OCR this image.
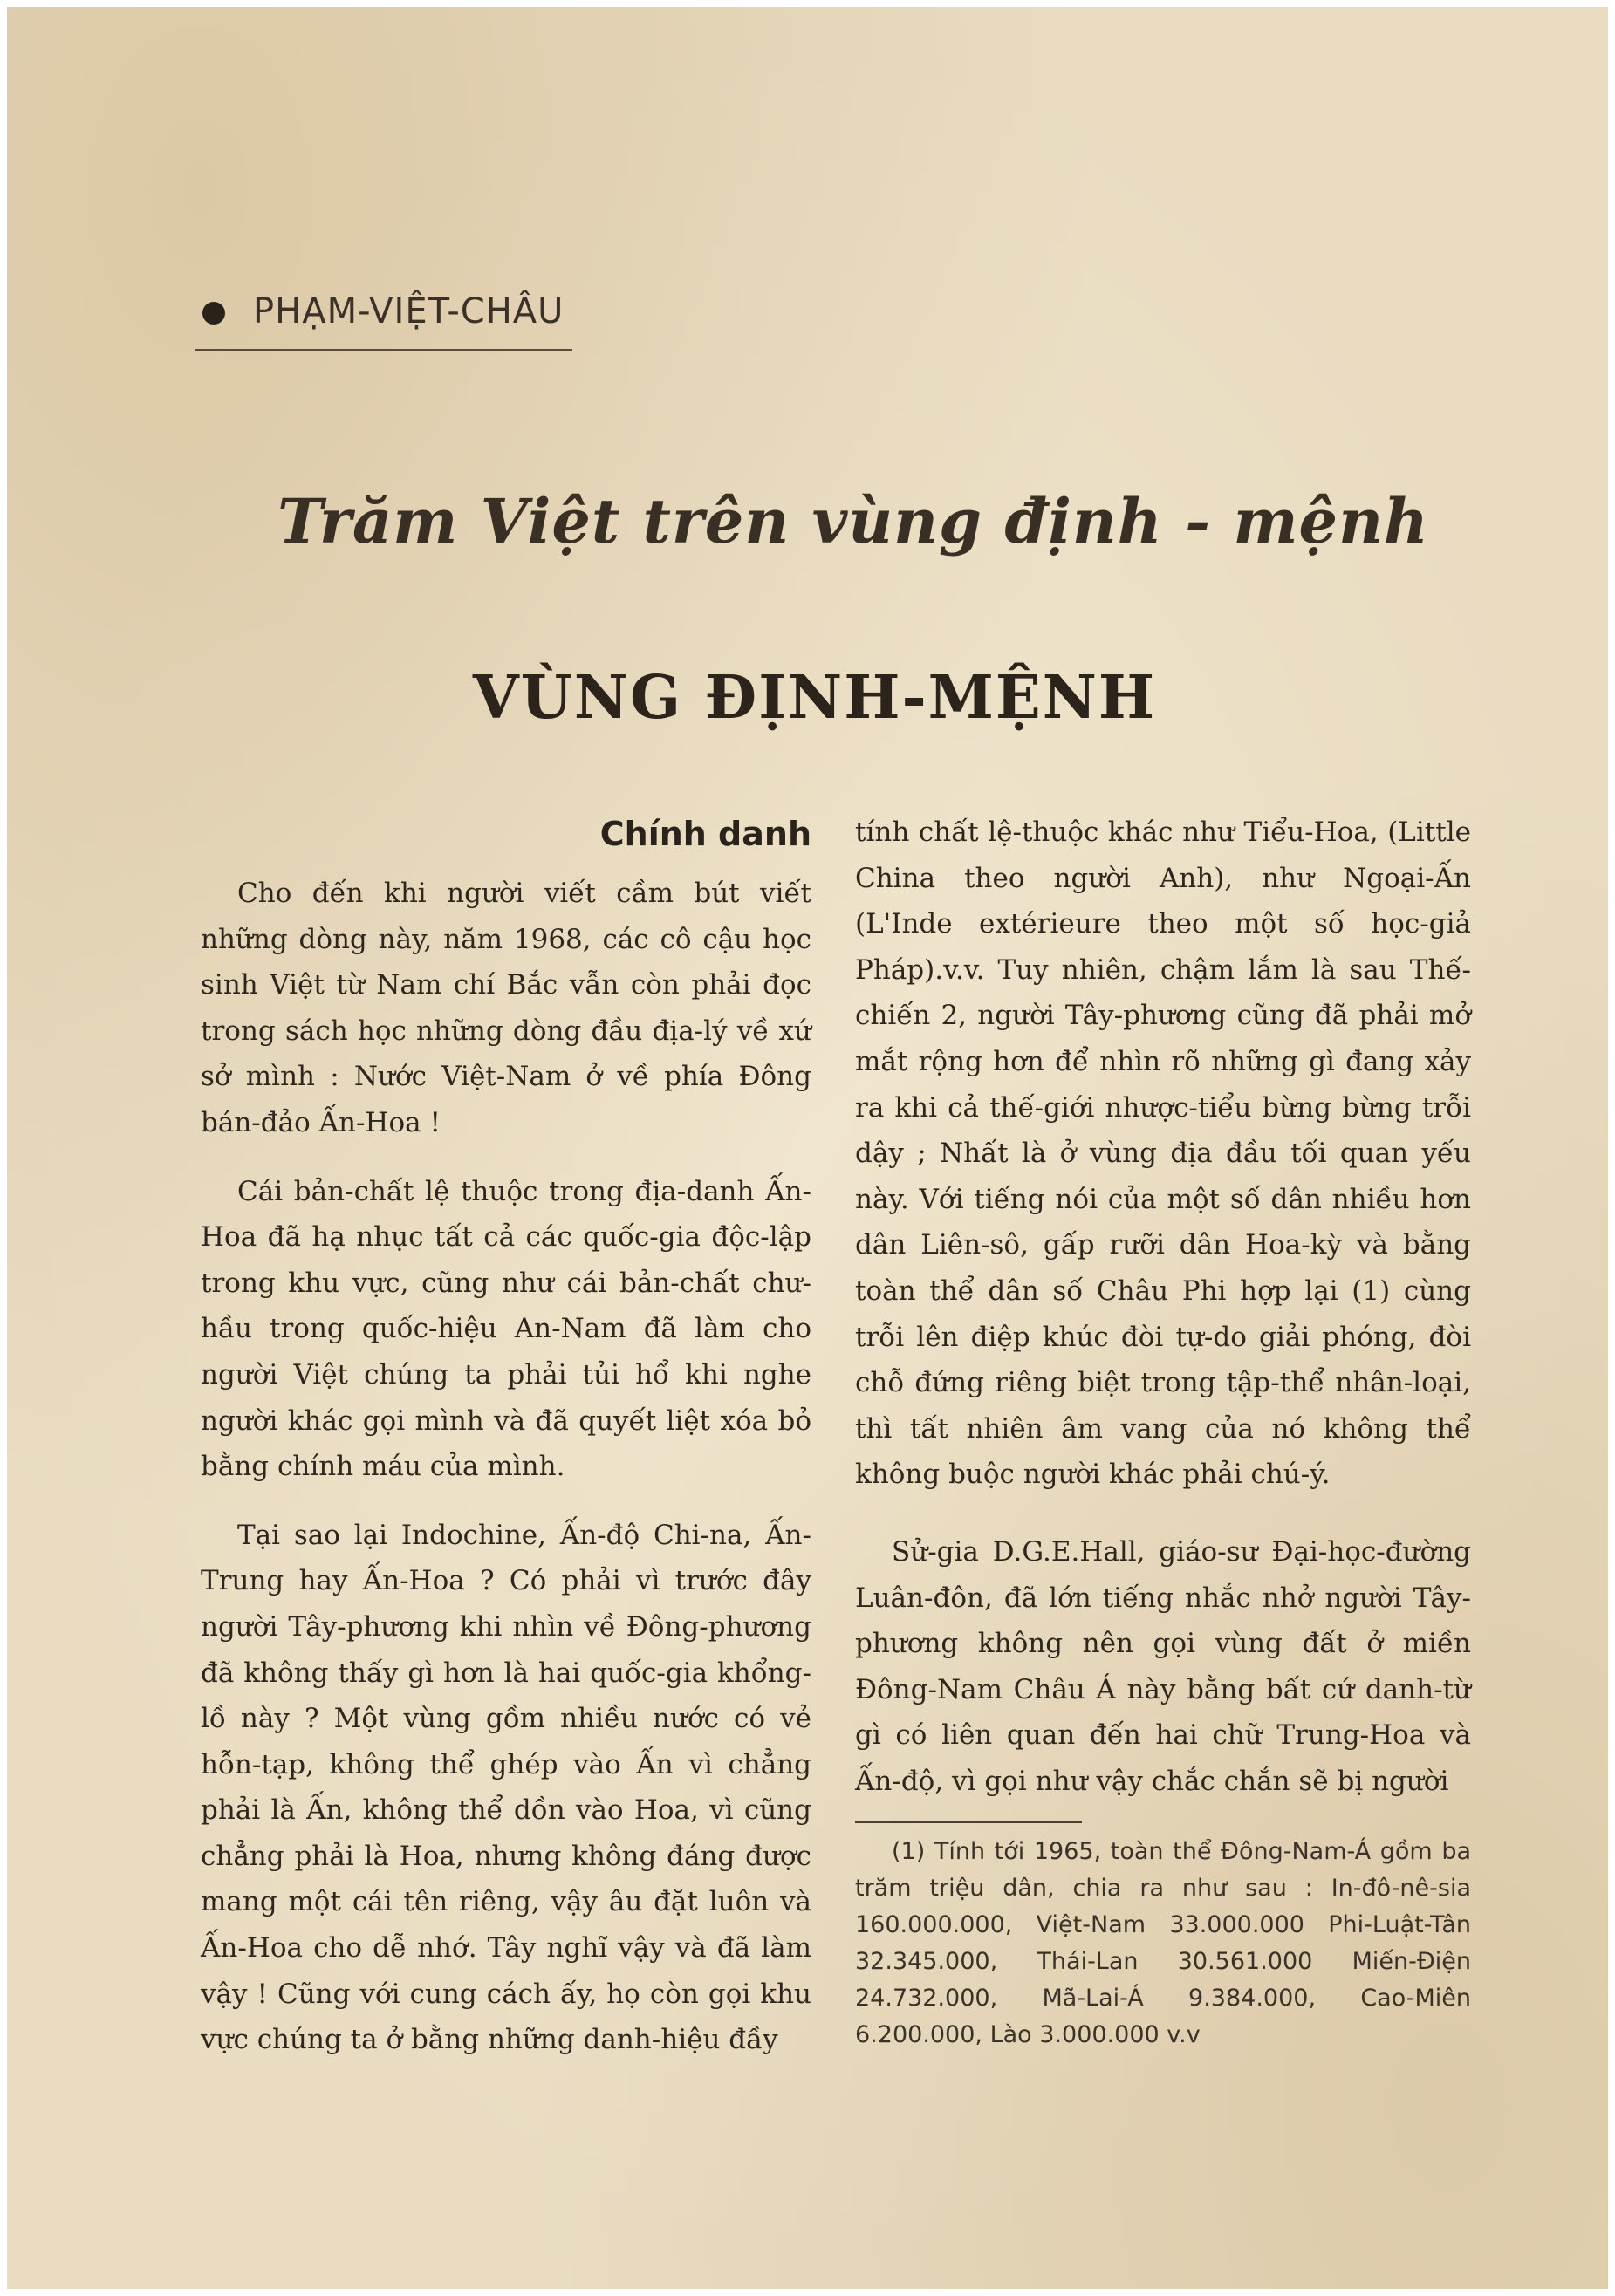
PHẠM-VIỆT-CHÂU
Trăm Việt trên vùng định - mệnh
VÙNG ĐỊNH-MỆNH
Chính danh

Cho đến khi người viết cầm bút viết những dòng này, năm 1968, các cô cậu học sinh Việt từ Nam chí Bắc vẫn còn phải đọc trong sách học những dòng đầu địa-lý về xứ sở mình : Nước Việt-Nam ở về phía Đông bán-đảo Ấn-Hoa !

Cái bản-chất lệ thuộc trong địa-danh Ấn-Hoa đã hạ nhục tất cả các quốc-gia độc-lập trong khu vực, cũng như cái bản-chất chư-hầu trong quốc-hiệu An-Nam đã làm cho người Việt chúng ta phải tủi hổ khi nghe người khác gọi mình và đã quyết liệt xóa bỏ bằng chính máu của mình.

Tại sao lại Indochine, Ấn-độ Chi-na, Ấn-Trung hay Ấn-Hoa ? Có phải vì trước đây người Tây-phương khi nhìn về Đông-phương đã không thấy gì hơn là hai quốc-gia khổng-lồ này ? Một vùng gồm nhiều nước có vẻ hỗn-tạp, không thể ghép vào Ấn vì chẳng phải là Ấn, không thể dồn vào Hoa, vì cũng chẳng phải là Hoa, nhưng không đáng được mang một cái tên riêng, vậy âu đặt luôn và Ấn-Hoa cho dễ nhớ. Tây nghĩ vậy và đã làm vậy ! Cũng với cung cách ấy, họ còn gọi khu vực chúng ta ở bằng những danh-hiệu đầy

tính chất lệ-thuộc khác như Tiểu-Hoa, (Little China theo người Anh), như Ngoại-Ấn (L'Inde extérieure theo một số học-giả Pháp).v.v. Tuy nhiên, chậm lắm là sau Thế-chiến 2, người Tây-phương cũng đã phải mở mắt rộng hơn để nhìn rõ những gì đang xảy ra khi cả thế-giới nhược-tiểu bừng bừng trỗi dậy ; Nhất là ở vùng địa đầu tối quan yếu này. Với tiếng nói của một số dân nhiều hơn dân Liên-sô, gấp rưỡi dân Hoa-kỳ và bằng toàn thể dân số Châu Phi hợp lại (1) cùng trỗi lên điệp khúc đòi tự-do giải phóng, đòi chỗ đứng riêng biệt trong tập-thể nhân-loại, thì tất nhiên âm vang của nó không thể không buộc người khác phải chú-ý.

Sử-gia D.G.E.Hall, giáo-sư Đại-học-đường Luân-đôn, đã lớn tiếng nhắc nhở người Tây-phương không nên gọi vùng đất ở miền Đông-Nam Châu Á này bằng bất cứ danh-từ gì có liên quan đến hai chữ Trung-Hoa và Ấn-độ, vì gọi như vậy chắc chắn sẽ bị người

(1) Tính tới 1965, toàn thể Đông-Nam-Á gồm ba trăm triệu dân, chia ra như sau : In-đô-nê-sia 160.000.000, Việt-Nam 33.000.000 Phi-Luật-Tân 32.345.000, Thái-Lan 30.561.000 Miến-Điện 24.732.000, Mã-Lai-Á 9.384.000, Cao-Miên 6.200.000, Lào 3.000.000 v.v
